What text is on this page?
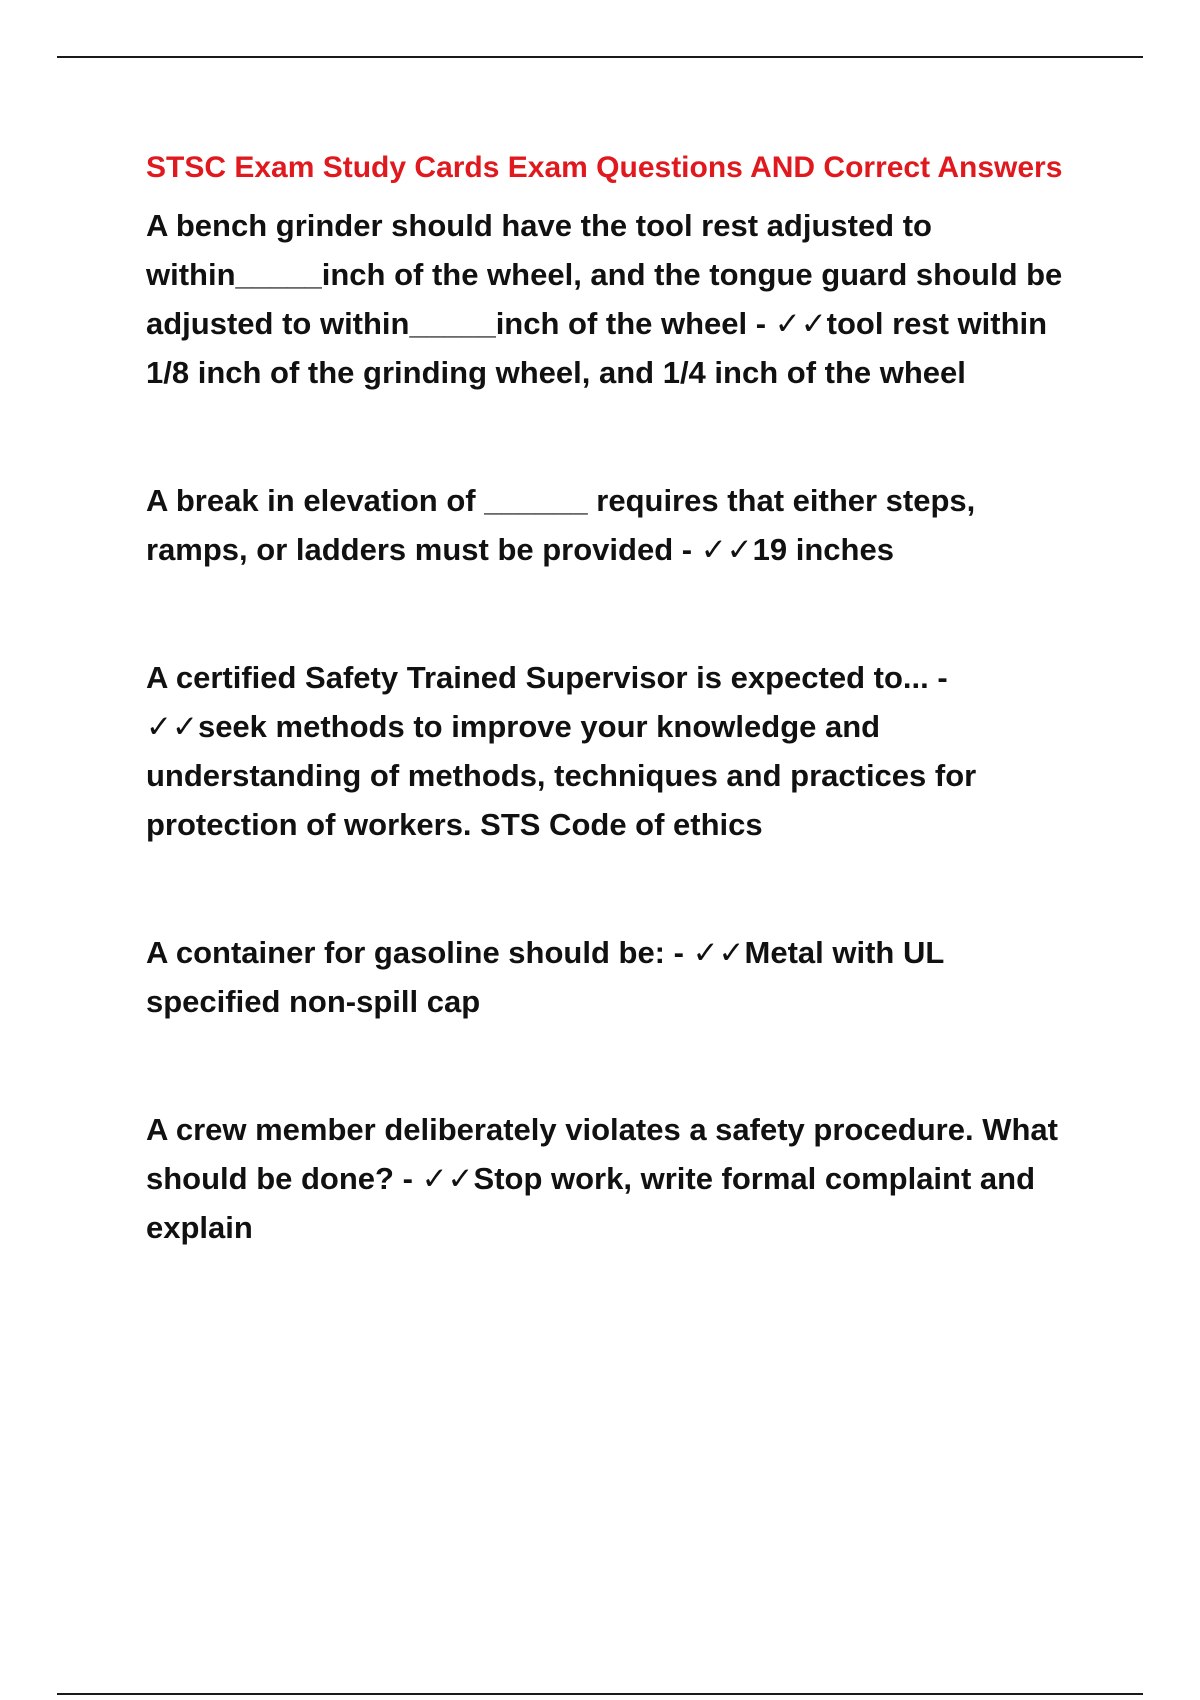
STSC Exam Study Cards Exam Questions AND Correct Answers

A bench grinder should have the tool rest adjusted to within_____inch of the wheel, and the tongue guard should be adjusted to within_____inch of the wheel - ✓✓tool rest within 1/8 inch of the grinding wheel, and 1/4 inch of the wheel

A break in elevation of ______ requires that either steps, ramps, or ladders must be provided - ✓✓19 inches

A certified Safety Trained Supervisor is expected to... - ✓✓seek methods to improve your knowledge and understanding of methods, techniques and practices for protection of workers. STS Code of ethics

A container for gasoline should be: - ✓✓Metal with UL specified non-spill cap

A crew member deliberately violates a safety procedure. What should be done? - ✓✓Stop work, write formal complaint and explain
